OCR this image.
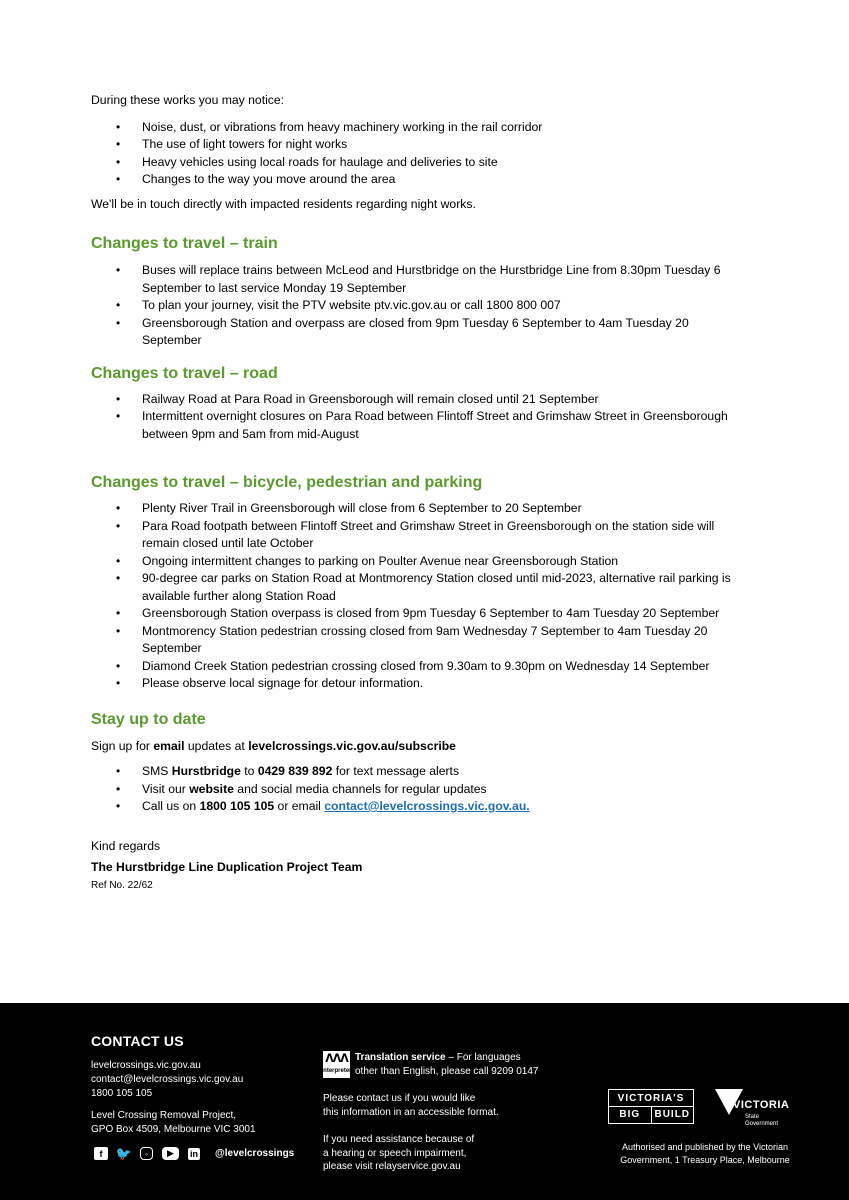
During these works you may notice:

• Noise, dust, or vibrations from heavy machinery working in the rail corridor
• The use of light towers for night works
• Heavy vehicles using local roads for haulage and deliveries to site
• Changes to the way you move around the area

We'll be in touch directly with impacted residents regarding night works.

Changes to travel – train
• Buses will replace trains between McLeod and Hurstbridge on the Hurstbridge Line from 8.30pm Tuesday 6 September to last service Monday 19 September
• To plan your journey, visit the PTV website ptv.vic.gov.au or call 1800 800 007
• Greensborough Station and overpass are closed from 9pm Tuesday 6 September to 4am Tuesday 20 September
Changes to travel – road
• Railway Road at Para Road in Greensborough will remain closed until 21 September
• Intermittent overnight closures on Para Road between Flintoff Street and Grimshaw Street in Greensborough between 9pm and 5am from mid-August
Changes to travel – bicycle, pedestrian and parking
• Plenty River Trail in Greensborough will close from 6 September to 20 September
• Para Road footpath between Flintoff Street and Grimshaw Street in Greensborough on the station side will remain closed until late October
• Ongoing intermittent changes to parking on Poulter Avenue near Greensborough Station
• 90-degree car parks on Station Road at Montmorency Station closed until mid-2023, alternative rail parking is available further along Station Road
• Greensborough Station overpass is closed from 9pm Tuesday 6 September to 4am Tuesday 20 September
• Montmorency Station pedestrian crossing closed from 9am Wednesday 7 September to 4am Tuesday 20 September
• Diamond Creek Station pedestrian crossing closed from 9.30am to 9.30pm on Wednesday 14 September
• Please observe local signage for detour information.
Stay up to date

Sign up for email updates at levelcrossings.vic.gov.au/subscribe

• SMS Hurstbridge to 0429 839 892 for text message alerts
• Visit our website and social media channels for regular updates
• Call us on 1800 105 105 or email contact@levelcrossings.vic.gov.au.

Kind regards

The Hurstbridge Line Duplication Project Team

Ref No. 22/62

CONTACT US
levelcrossings.vic.gov.au
contact@levelcrossings.vic.gov.au
1800 105 105
Level Crossing Removal Project,
GPO Box 4509, Melbourne VIC 3001
f	🐦	◦	▶	in @levelcrossings
ᐱᐱᐱ
Interpreter
Translation service – For languages
other than English, please call 9209 0147
Please contact us if you would like
this information in an accessible format.
If you need assistance because of
a hearing or speech impairment,
please visit relayservice.gov.au
VICTORIA'S
BIG	BUILD
VICTORIA
State
Government
Authorised and published by the Victorian
Government, 1 Treasury Place, Melbourne
